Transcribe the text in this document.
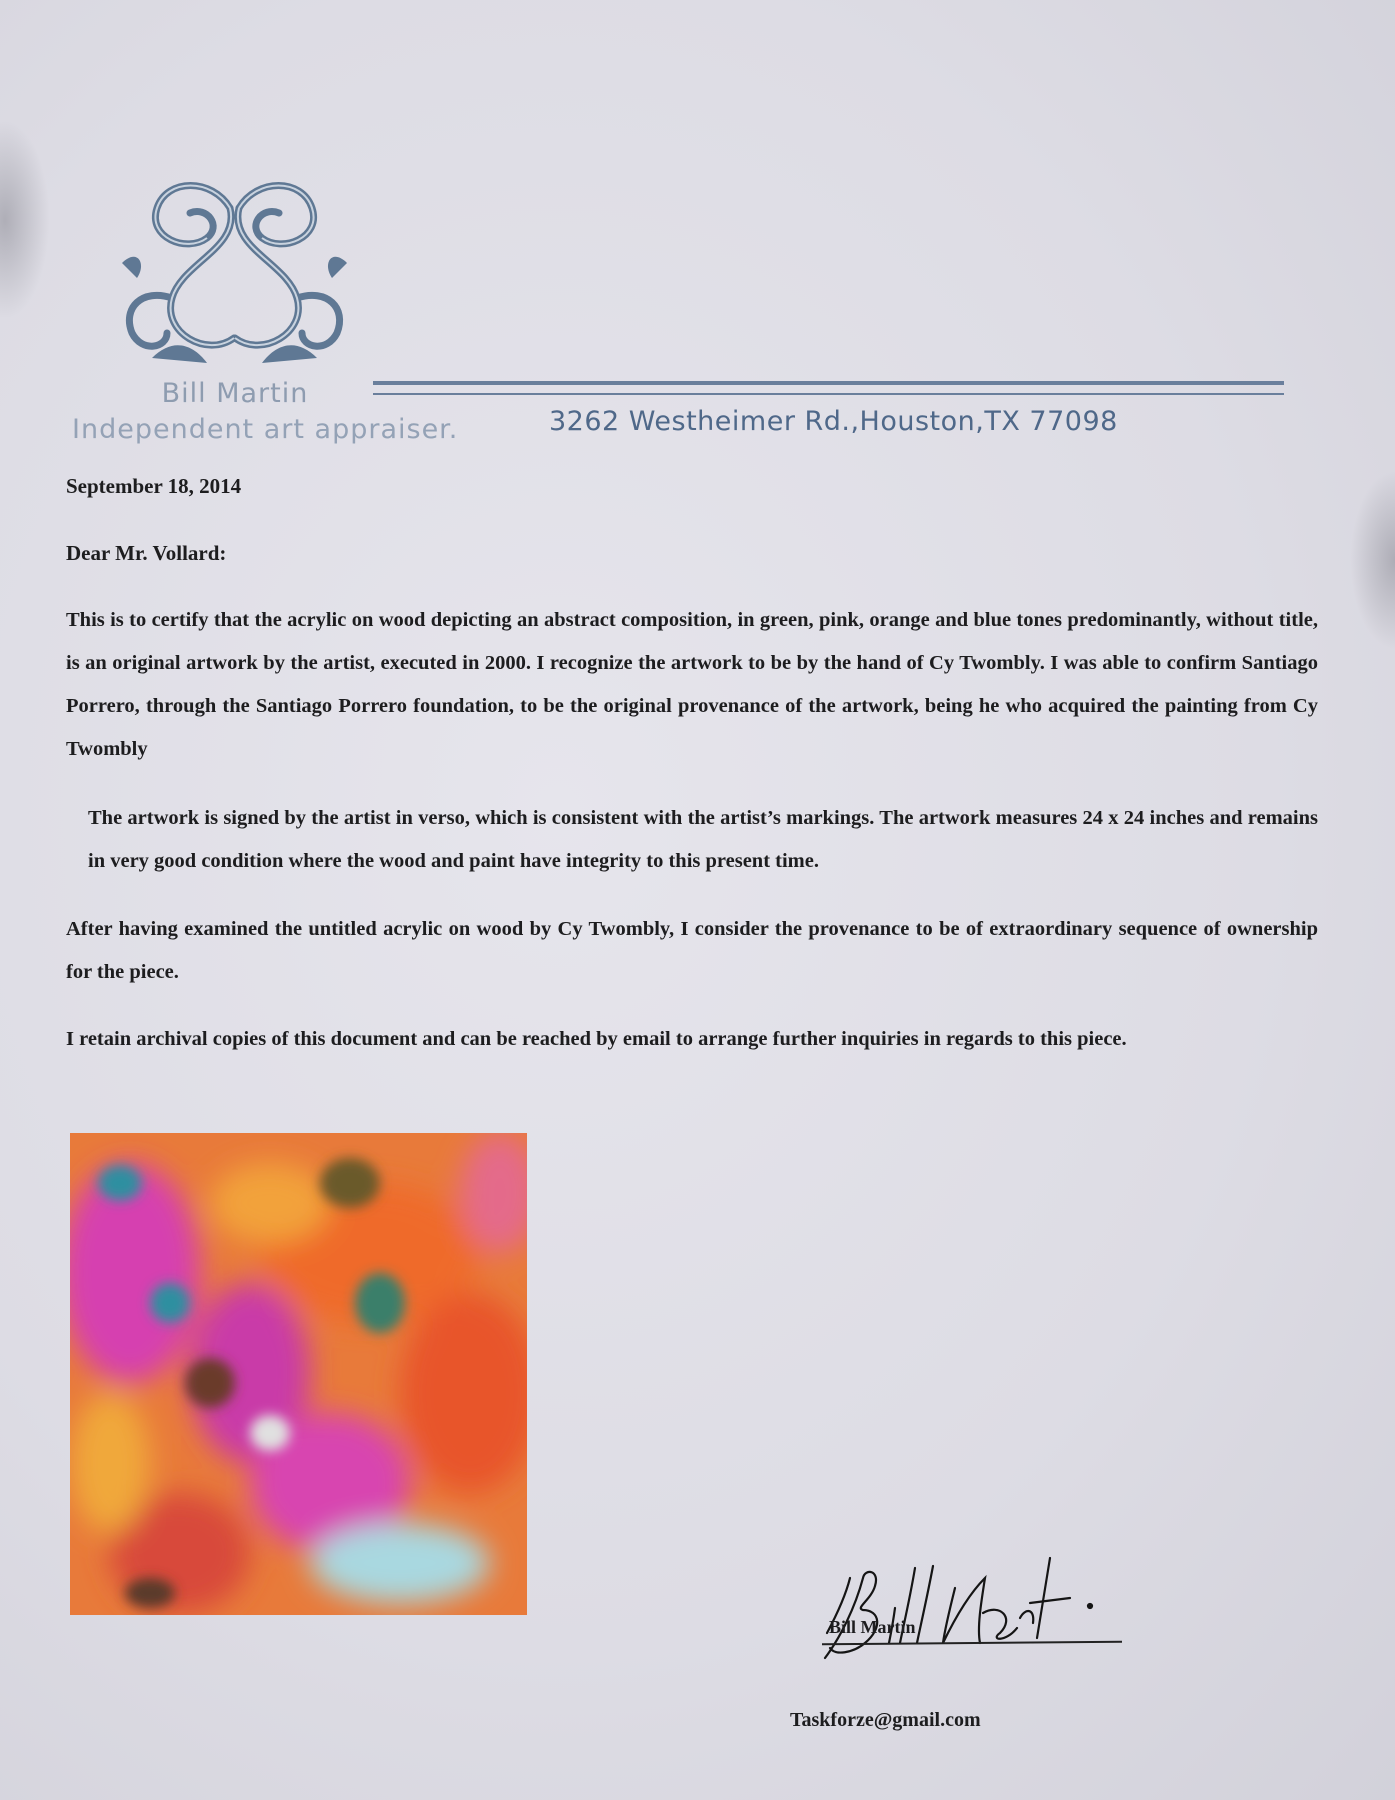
Bill Martin
Independent art appraiser.	3262 Westheimer Rd.,Houston,TX 77098
September 18, 2014
Dear Mr. Vollard:

This is to certify that the acrylic on wood depicting an abstract composition, in green, pink, orange and blue tones predominantly, without title, is an original artwork by the artist, executed in 2000. I recognize the artwork to be by the hand of Cy Twombly. I was able to confirm Santiago Porrero, through the Santiago Porrero foundation, to be the original provenance of the artwork, being he who acquired the painting from Cy Twombly

The artwork is signed by the artist in verso, which is consistent with the artist’s markings. The artwork measures 24 x 24 inches and remains in very good condition where the wood and paint have integrity to this present time.

After having examined the untitled acrylic on wood by Cy Twombly, I consider the provenance to be of extraordinary sequence of ownership for the piece.

I retain archival copies of this document and can be reached by email to arrange further inquiries in regards to this piece.

Bill Martin
Taskforze@gmail.com
